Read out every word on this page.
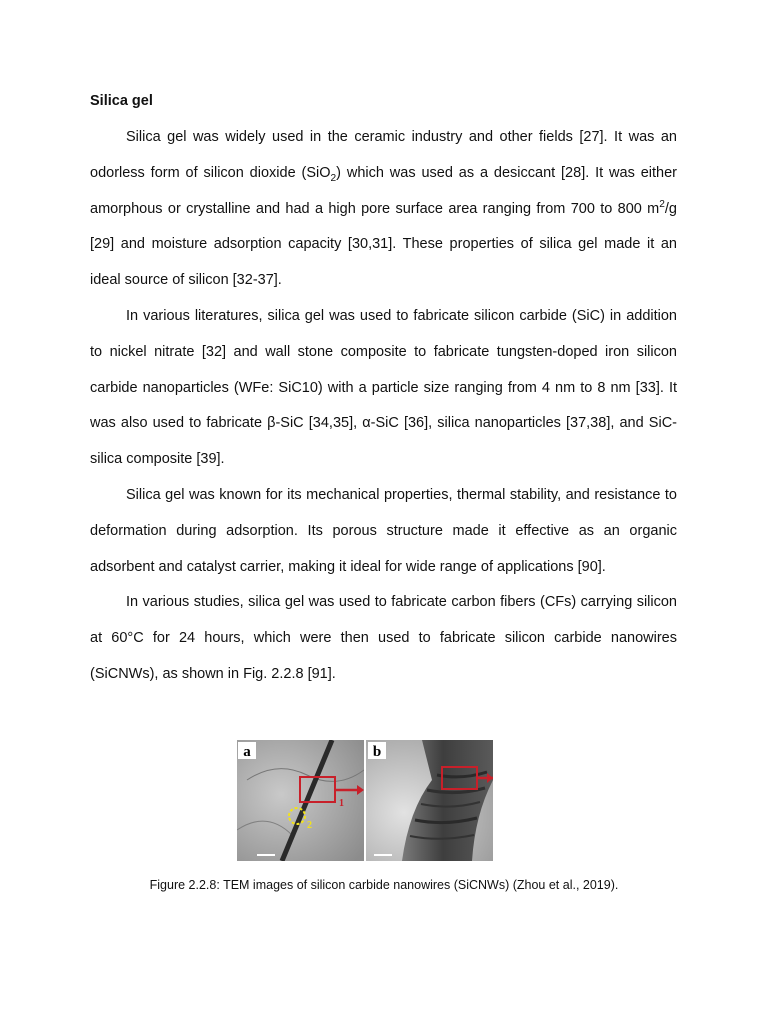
Silica gel

Silica gel was widely used in the ceramic industry and other fields [27]. It was an odorless form of silicon dioxide (SiO$_2$) which was used as a desiccant [28]. It was either amorphous or crystalline and had a high pore surface area ranging from 700 to 800 $m^2/g$ [29] and moisture adsorption capacity [30,31]. These properties of silica gel made it an ideal source of silicon [32-37].

In various literatures, silica gel was used to fabricate silicon carbide (SiC) in addition to nickel nitrate [32] and wall stone composite to fabricate tungsten-doped iron silicon carbide nanoparticles (WFe: SiC10) with a particle size ranging from 4 nm to 8 nm [33]. It was also used to fabricate β-SiC [34,35], α-SiC [36], silica nanoparticles [37,38], and SiC-silica composite [39].

Silica gel was known for its mechanical properties, thermal stability, and resistance to deformation during adsorption. Its porous structure made it effective as an organic adsorbent and catalyst carrier, making it ideal for wide range of applications [90].

In various studies, silica gel was used to fabricate carbon fibers (CFs) carrying silicon at 60°C for 24 hours, which were then used to fabricate silicon carbide nanowires (SiCNWs), as shown in Fig. 2.2.8 [91].

a
1
2
b

Figure 2.2.8: TEM images of silicon carbide nanowires (SiCNWs) (Zhou et al., 2019).
